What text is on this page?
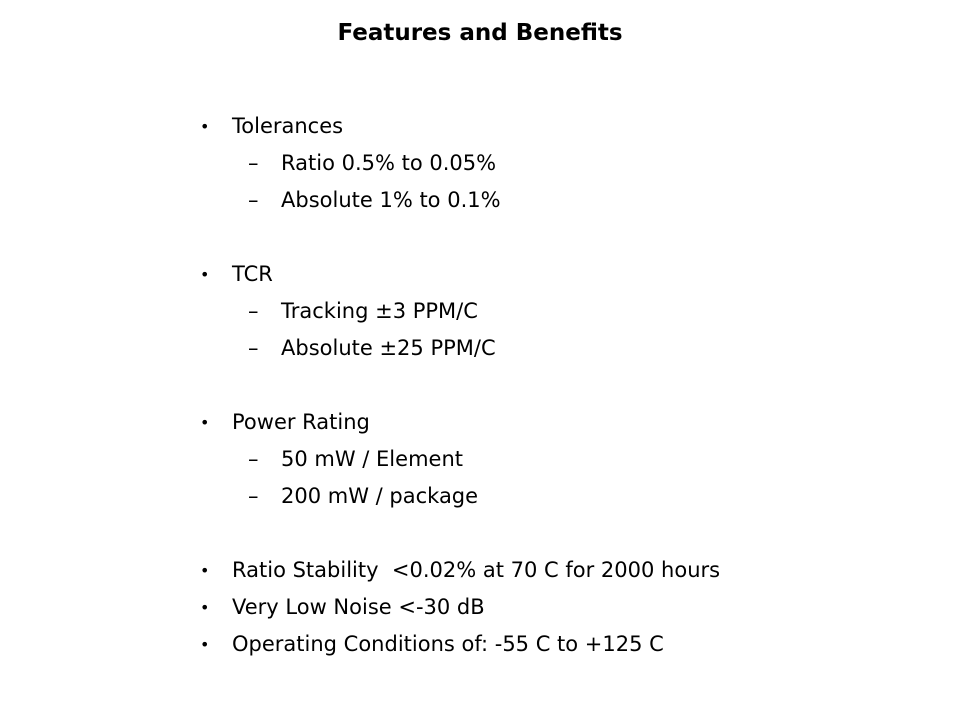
Features and Benefits
• Tolerances
– Ratio 0.5% to 0.05%
– Absolute 1% to 0.1%
• TCR
– Tracking ±3 PPM/C
– Absolute ±25 PPM/C
• Power Rating
– 50 mW / Element
– 200 mW / package
• Ratio Stability  <0.02% at 70 C for 2000 hours
• Very Low Noise <-30 dB
• Operating Conditions of: -55 C to +125 C
